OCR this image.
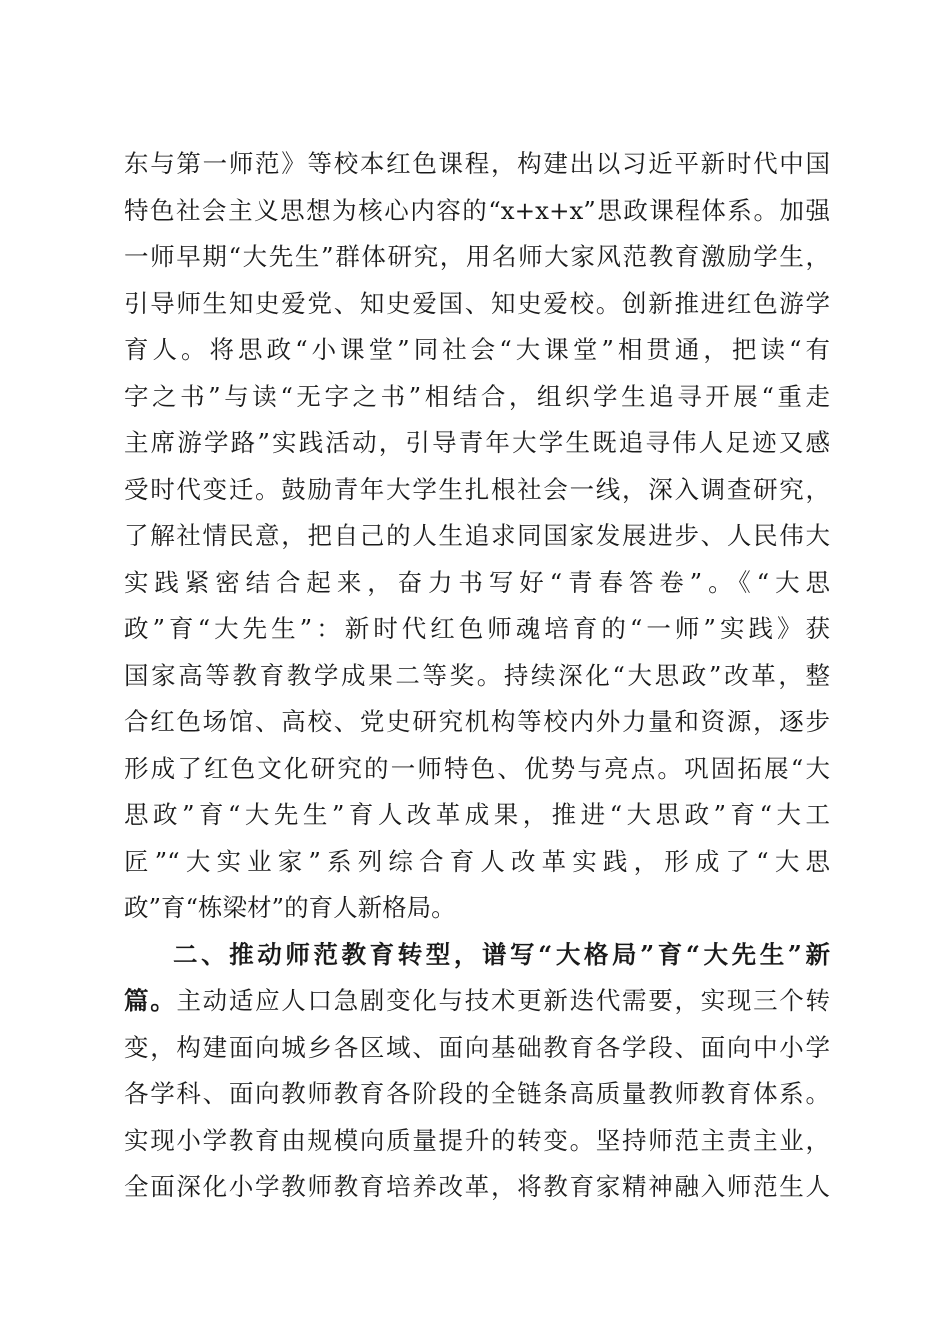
东与第一师范》等校本红色课程，构建出以习近平新时代中国
特色社会主义思想为核心内容的“x+x+x”思政课程体系。加强
一师早期“大先生”群体研究，用名师大家风范教育激励学生，
引导师生知史爱党、知史爱国、知史爱校。创新推进红色游学
育人。将思政“小课堂”同社会“大课堂”相贯通，把读“有
字之书”与读“无字之书”相结合，组织学生追寻开展“重走
主席游学路”实践活动，引导青年大学生既追寻伟人足迹又感
受时代变迁。鼓励青年大学生扎根社会一线，深入调查研究，
了解社情民意，把自己的人生追求同国家发展进步、人民伟大
实践紧密结合起来，奋力书写好“青春答卷”。《“大思
政”育“大先生”：新时代红色师魂培育的“一师”实践》获
国家高等教育教学成果二等奖。持续深化“大思政”改革，整
合红色场馆、高校、党史研究机构等校内外力量和资源，逐步
形成了红色文化研究的一师特色、优势与亮点。巩固拓展“大
思政”育“大先生”育人改革成果，推进“大思政”育“大工
匠”“大实业家”系列综合育人改革实践，形成了“大思
政”育“栋梁材”的育人新格局。
二、推动师范教育转型，谱写“大格局”育“大先生”新
篇。主动适应人口急剧变化与技术更新迭代需要，实现三个转
变，构建面向城乡各区域、面向基础教育各学段、面向中小学
各学科、面向教师教育各阶段的全链条高质量教师教育体系。
实现小学教育由规模向质量提升的转变。坚持师范主责主业，
全面深化小学教师教育培养改革，将教育家精神融入师范生人
